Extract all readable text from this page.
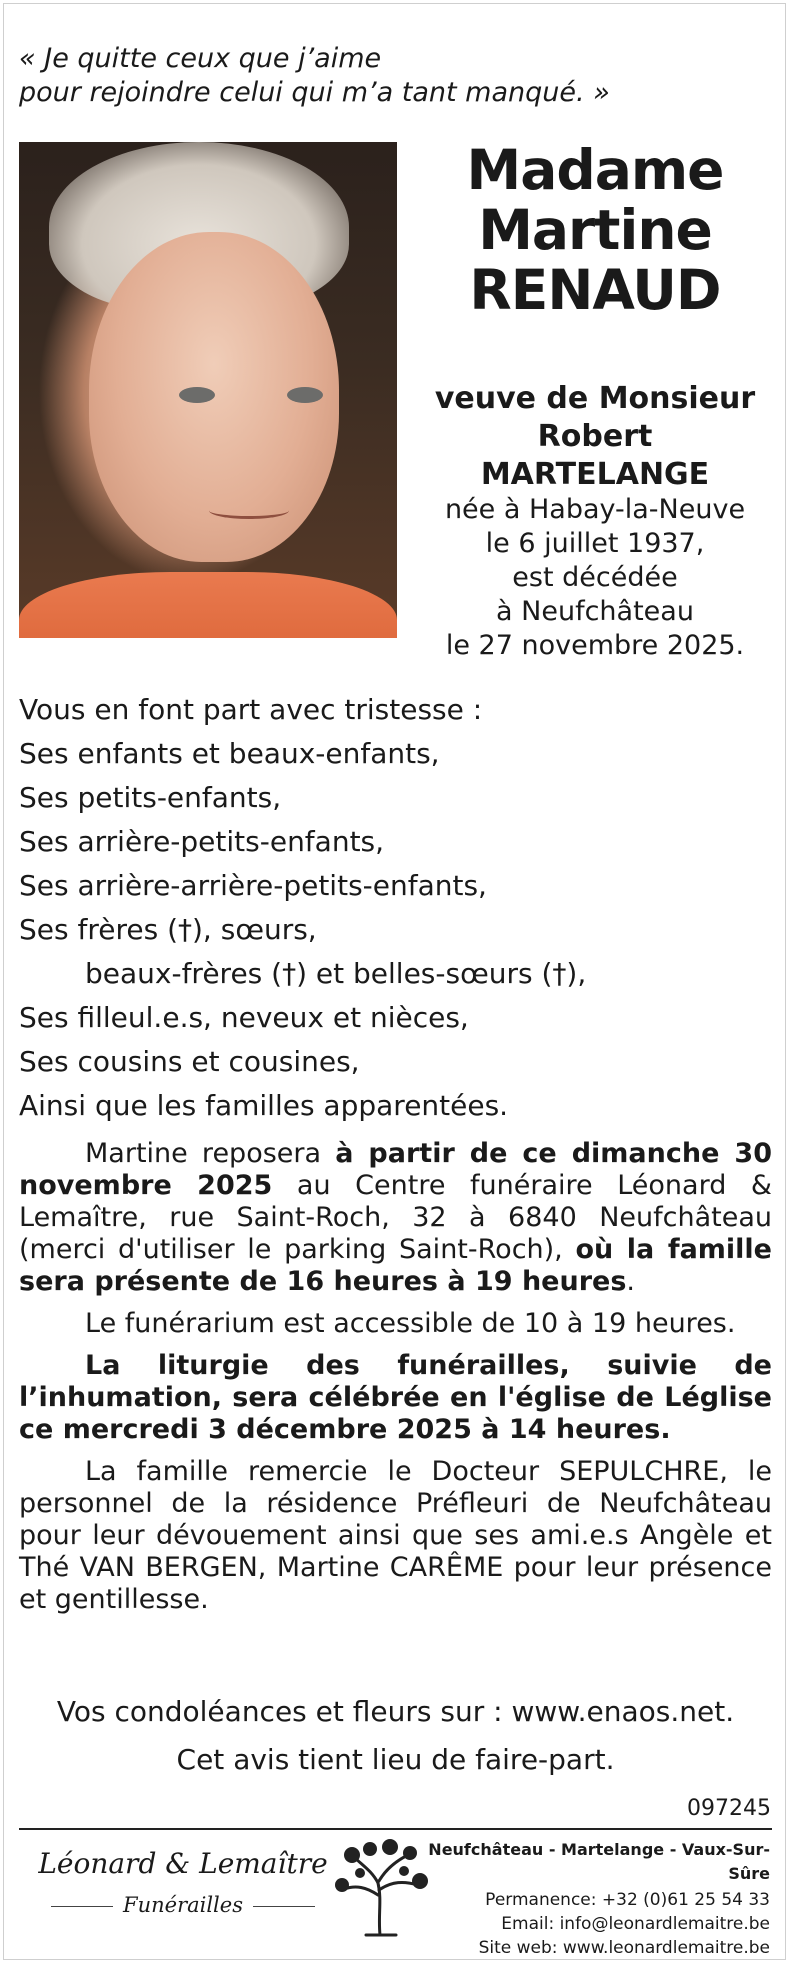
« Je quitte ceux que j’aime
pour rejoindre celui qui m’a tant manqué. »
Madame
Martine
RENAUD
veuve de Monsieur
Robert MARTELANGE
née à Habay-la-Neuve
le 6 juillet 1937,
est décédée
à Neufchâteau
le 27 novembre 2025.
Vous en font part avec tristesse :
Ses enfants et beaux-enfants,
Ses petits-enfants,
Ses arrière-petits-enfants,
Ses arrière-arrière-petits-enfants,
Ses frères (†), sœurs,
beaux-frères (†) et belles-sœurs (†),
Ses filleul.e.s, neveux et nièces,
Ses cousins et cousines,
Ainsi que les familles apparentées.

Martine reposera à partir de ce dimanche 30 novembre 2025 au Centre funéraire Léonard & Lemaître, rue Saint-Roch, 32 à 6840 Neufchâteau (merci d'utiliser le parking Saint-Roch), où la famille sera présente de 16 heures à 19 heures.

Le funérarium est accessible de 10 à 19 heures.

La liturgie des funérailles, suivie de l’inhumation, sera célébrée en l'église de Léglise ce mercredi 3 décembre 2025 à 14 heures.

La famille remercie le Docteur SEPULCHRE, le personnel de la résidence Préfleuri de Neufchâteau pour leur dévouement ainsi que ses ami.e.s Angèle et Thé VAN BERGEN, Martine CARÊME pour leur présence et gentillesse.

Vos condoléances et fleurs sur : www.enaos.net.
Cet avis tient lieu de faire-part.
097245
Léonard & Lemaître
Funérailles
Neufchâteau - Martelange - Vaux-Sur-Sûre
Permanence: +32 (0)61 25 54 33
Email: info@leonardlemaitre.be
Site web: www.leonardlemaitre.be
